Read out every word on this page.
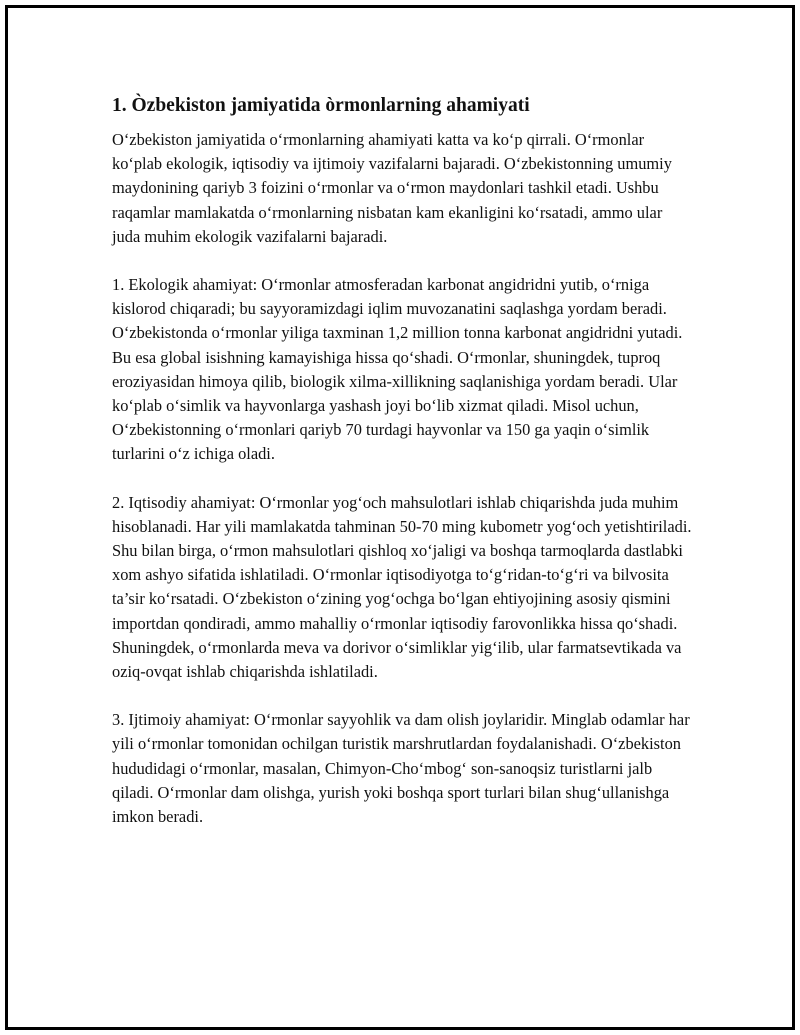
1. Òzbekiston jamiyatida òrmonlarning ahamiyati

O‘zbekiston jamiyatida o‘rmonlarning ahamiyati katta va ko‘p qirrali. O‘rmonlar ko‘plab ekologik, iqtisodiy va ijtimoiy vazifalarni bajaradi. O‘zbekistonning umumiy maydonining qariyb 3 foizini o‘rmonlar va o‘rmon maydonlari tashkil etadi. Ushbu raqamlar mamlakatda o‘rmonlarning nisbatan kam ekanligini ko‘rsatadi, ammo ular juda muhim ekologik vazifalarni bajaradi.

1. Ekologik ahamiyat: O‘rmonlar atmosferadan karbonat angidridni yutib, o‘rniga kislorod chiqaradi; bu sayyoramizdagi iqlim muvozanatini saqlashga yordam beradi. O‘zbekistonda o‘rmonlar yiliga taxminan 1,2 million tonna karbonat angidridni yutadi. Bu esa global isishning kamayishiga hissa qo‘shadi. O‘rmonlar, shuningdek, tuproq eroziyasidan himoya qilib, biologik xilma-xillikning saqlanishiga yordam beradi. Ular ko‘plab o‘simlik va hayvonlarga yashash joyi bo‘lib xizmat qiladi. Misol uchun, O‘zbekistonning o‘rmonlari qariyb 70 turdagi hayvonlar va 150 ga yaqin o‘simlik turlarini o‘z ichiga oladi.

2. Iqtisodiy ahamiyat: O‘rmonlar yog‘och mahsulotlari ishlab chiqarishda juda muhim hisoblanadi. Har yili mamlakatda tahminan 50-70 ming kubometr yog‘och yetishtiriladi. Shu bilan birga, o‘rmon mahsulotlari qishloq xo‘jaligi va boshqa tarmoqlarda dastlabki xom ashyo sifatida ishlatiladi. O‘rmonlar iqtisodiyotga to‘g‘ridan-to‘g‘ri va bilvosita ta’sir ko‘rsatadi. O‘zbekiston o‘zining yog‘ochga bo‘lgan ehtiyojining asosiy qismini importdan qondiradi, ammo mahalliy o‘rmonlar iqtisodiy farovonlikka hissa qo‘shadi. Shuningdek, o‘rmonlarda meva va dorivor o‘simliklar yig‘ilib, ular farmatsevtikada va oziq-ovqat ishlab chiqarishda ishlatiladi.

3. Ijtimoiy ahamiyat: O‘rmonlar sayyohlik va dam olish joylaridir. Minglab odamlar har yili o‘rmonlar tomonidan ochilgan turistik marshrutlardan foydalanishadi. O‘zbekiston hududidagi o‘rmonlar, masalan, Chimyon-Cho‘mbog‘ son-sanoqsiz turistlarni jalb qiladi. O‘rmonlar dam olishga, yurish yoki boshqa sport turlari bilan shug‘ullanishga imkon beradi.
